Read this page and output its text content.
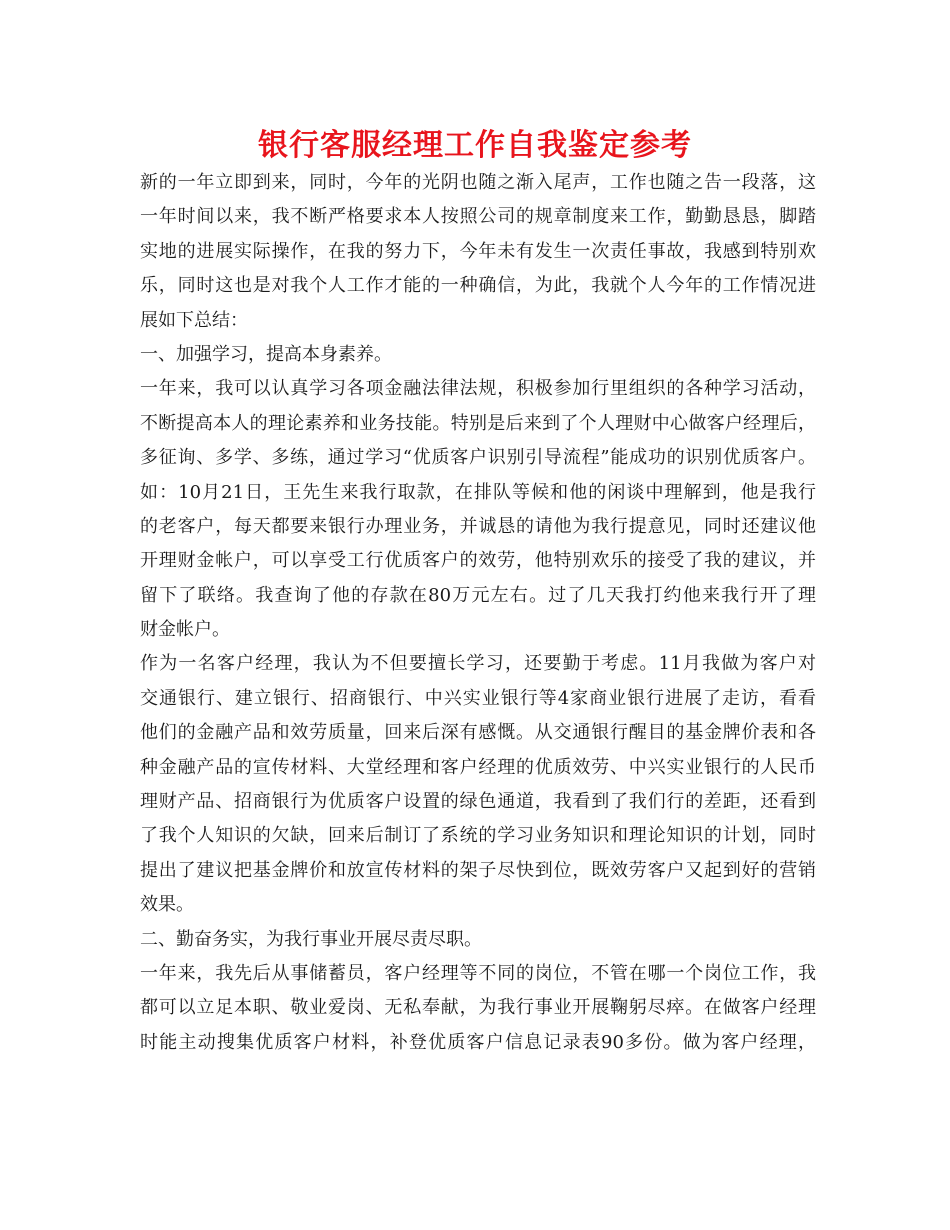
银行客服经理工作自我鉴定参考
新的一年立即到来，同时，今年的光阴也随之渐入尾声，工作也随之告一段落，这
一年时间以来，我不断严格要求本人按照公司的规章制度来工作，勤勤恳恳，脚踏
实地的进展实际操作，在我的努力下，今年未有发生一次责任事故，我感到特别欢
乐，同时这也是对我个人工作才能的一种确信，为此，我就个人今年的工作情况进
展如下总结：
一、加强学习，提高本身素养。
一年来，我可以认真学习各项金融法律法规，积极参加行里组织的各种学习活动，
不断提高本人的理论素养和业务技能。特别是后来到了个人理财中心做客户经理后，
多征询、多学、多练，通过学习“优质客户识别引导流程”能成功的识别优质客户。
如：10月21日，王先生来我行取款，在排队等候和他的闲谈中理解到，他是我行
的老客户，每天都要来银行办理业务，并诚恳的请他为我行提意见，同时还建议他
开理财金帐户，可以享受工行优质客户的效劳，他特别欢乐的接受了我的建议，并
留下了联络。我查询了他的存款在80万元左右。过了几天我打约他来我行开了理
财金帐户。
作为一名客户经理，我认为不但要擅长学习，还要勤于考虑。11月我做为客户对
交通银行、建立银行、招商银行、中兴实业银行等4家商业银行进展了走访，看看
他们的金融产品和效劳质量，回来后深有感慨。从交通银行醒目的基金牌价表和各
种金融产品的宣传材料、大堂经理和客户经理的优质效劳、中兴实业银行的人民币
理财产品、招商银行为优质客户设置的绿色通道，我看到了我们行的差距，还看到
了我个人知识的欠缺，回来后制订了系统的学习业务知识和理论知识的计划，同时
提出了建议把基金牌价和放宣传材料的架子尽快到位，既效劳客户又起到好的营销
效果。
二、勤奋务实，为我行事业开展尽责尽职。
一年来，我先后从事储蓄员，客户经理等不同的岗位，不管在哪一个岗位工作，我
都可以立足本职、敬业爱岗、无私奉献，为我行事业开展鞠躬尽瘁。在做客户经理
时能主动搜集优质客户材料，补登优质客户信息记录表90多份。做为客户经理，
